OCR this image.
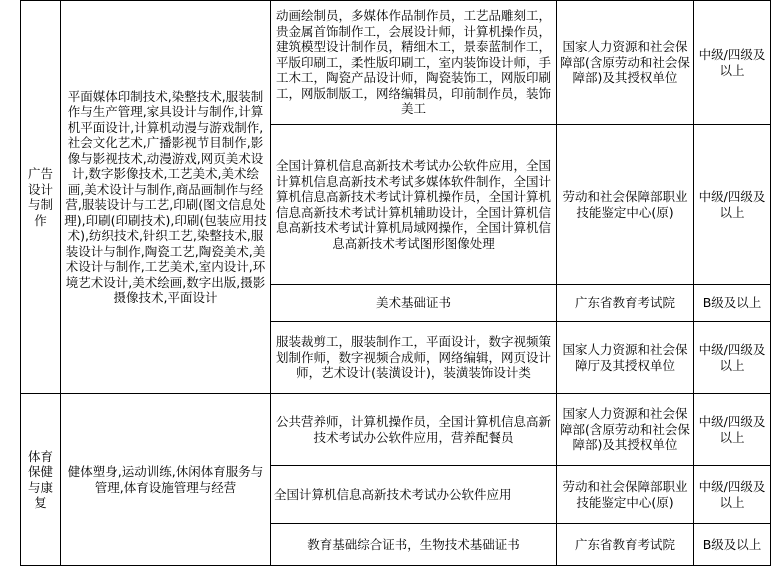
广告设计与制作	平面媒体印制技术,染整技术,服装制作与生产管理,家具设计与制作,计算机平面设计,计算机动漫与游戏制作,社会文化艺术,广播影视节目制作,影像与影视技术,动漫游戏,网页美术设计,数字影像技术,工艺美术,美术绘画,美术设计与制作,商品画制作与经营,服装设计与工艺,印刷(图文信息处理),印刷(印刷技术),印刷(包装应用技术),纺织技术,针织工艺,染整技术,服装设计与制作,陶瓷工艺,陶瓷美术,美术设计与制作,工艺美术,室内设计,环境艺术设计,美术绘画,数字出版,摄影摄像技术,平面设计	动画绘制员，多媒体作品制作员，工艺品雕刻工，贵金属首饰制作工，会展设计师，计算机操作员，建筑模型设计制作员，精细木工，景泰蓝制作工，平版印刷工，柔性版印刷工，室内装饰设计师，手工木工，陶瓷产品设计师，陶瓷装饰工，网版印刷工，网版制版工，网络编辑员，印前制作员，装饰美工	国家人力资源和社会保障部(含原劳动和社会保障部)及其授权单位	中级/四级及以上
		全国计算机信息高新技术考试办公软件应用，全国计算机信息高新技术考试多媒体软件制作，全国计算机信息高新技术考试计算机操作员，全国计算机信息高新技术考试计算机辅助设计，全国计算机信息高新技术考试计算机局域网操作，全国计算机信息高新技术考试图形图像处理	劳动和社会保障部职业技能鉴定中心(原)	中级/四级及以上
		美术基础证书	广东省教育考试院	B级及以上
		服装裁剪工，服装制作工，平面设计，数字视频策划制作师，数字视频合成师，网络编辑，网页设计师，艺术设计(装潢设计)，装潢装饰设计类	国家人力资源和社会保障厅及其授权单位	中级/四级及以上
体育保健与康复	健体塑身,运动训练,休闲体育服务与管理,体育设施管理与经营	公共营养师，计算机操作员，全国计算机信息高新技术考试办公软件应用，营养配餐员	国家人力资源和社会保障部(含原劳动和社会保障部)及其授权单位	中级/四级及以上
		全国计算机信息高新技术考试办公软件应用	劳动和社会保障部职业技能鉴定中心(原)	中级/四级及以上
		教育基础综合证书，生物技术基础证书	广东省教育考试院	B级及以上
